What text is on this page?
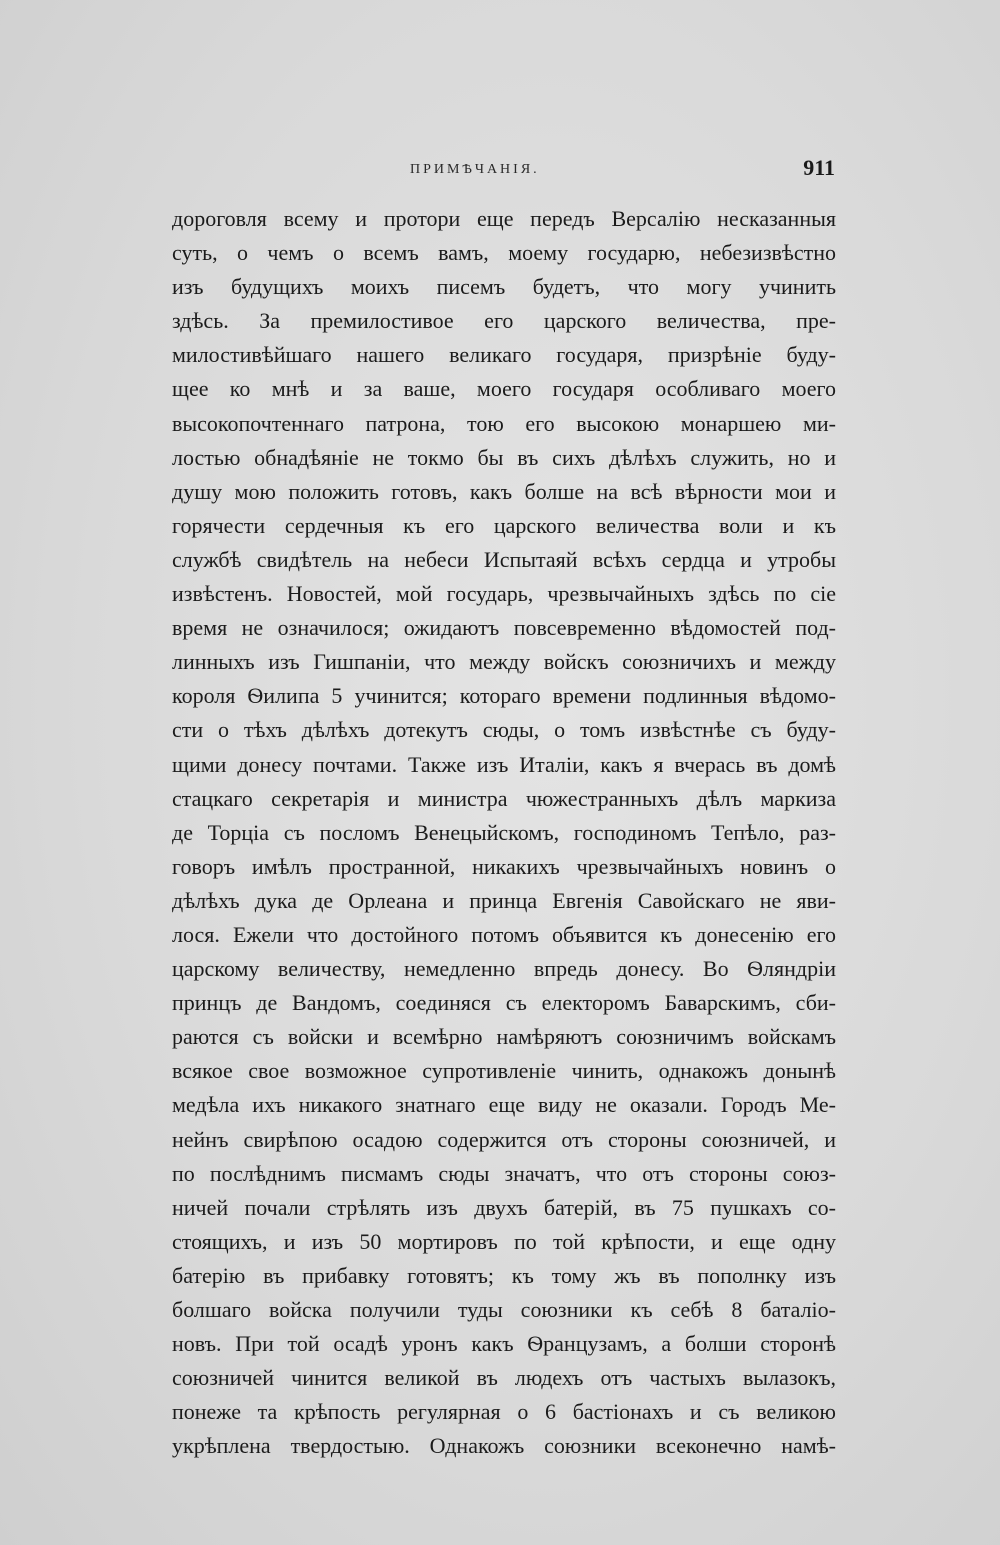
ПРИМѢЧАНІЯ.	911
дороговля всему и протори еще передъ Версалію несказанныя
суть, о чемъ о всемъ вамъ, моему государю, небезизвѣстно
изъ будущихъ моихъ писемъ будетъ, что могу учинить
здѣсь. За премилостивое его царского величества, пре-
милостивѣйшаго нашего великаго государя, призрѣніе буду-
щее ко мнѣ и за ваше, моего государя особливаго моего
высокопочтеннаго патрона, тою его высокою монаршею ми-
лостью обнадѣяніе не токмо бы въ сихъ дѣлѣхъ служить, но и
душу мою положить готовъ, какъ болше на всѣ вѣрности мои и
горячести сердечныя къ его царского величества воли и къ
службѣ свидѣтель на небеси Испытаяй всѣхъ сердца и утробы
извѣстенъ. Новостей, мой государь, чрезвычайныхъ здѣсь по сіе
время не означилося; ожидаютъ повсевременно вѣдомостей под-
линныхъ изъ Гишпаніи, что между войскъ союзничихъ и между
короля Ѳилипа 5 учинится; котораго времени подлинныя вѣдомо-
сти о тѣхъ дѣлѣхъ дотекутъ сюды, о томъ извѣстнѣе съ буду-
щими донесу почтами. Также изъ Италіи, какъ я вчерась въ домѣ
стацкаго секретарія и министра чюжестранныхъ дѣлъ маркиза
де Торціа съ посломъ Венецыйскомъ, господиномъ Тепѣло, раз-
говоръ имѣлъ пространной, никакихъ чрезвычайныхъ новинъ о
дѣлѣхъ дука де Орлеана и принца Евгенія Савойскаго не яви-
лося. Ежели что достойного потомъ объявится къ донесенію его
царскому величеству, немедленно впредь донесу. Во Ѳляндріи
принцъ де Вандомъ, соединяся съ електоромъ Баварскимъ, сби-
раются съ войски и всемѣрно намѣряютъ союзничимъ войскамъ
всякое свое возможное супротивленіе чинить, однакожъ донынѣ
медѣла ихъ никакого знатнаго еще виду не оказали. Городъ Ме-
нейнъ свирѣпою осадою содержится отъ стороны союзничей, и
по послѣднимъ писмамъ сюды значатъ, что отъ стороны союз-
ничей почали стрѣлять изъ двухъ батерій, въ 75 пушкахъ со-
стоящихъ, и изъ 50 мортировъ по той крѣпости, и еще одну
батерію въ прибавку готовятъ; къ тому жъ въ пополнку изъ
болшаго войска получили туды союзники къ себѣ 8 баталіо-
новъ. При той осадѣ уронъ какъ Ѳранцузамъ, а болши сторонѣ
союзничей чинится великой въ людехъ отъ частыхъ вылазокъ,
понеже та крѣпость регулярная о 6 бастіонахъ и съ великою
укрѣплена твердостыю. Однакожъ союзники всеконечно намѣ-
